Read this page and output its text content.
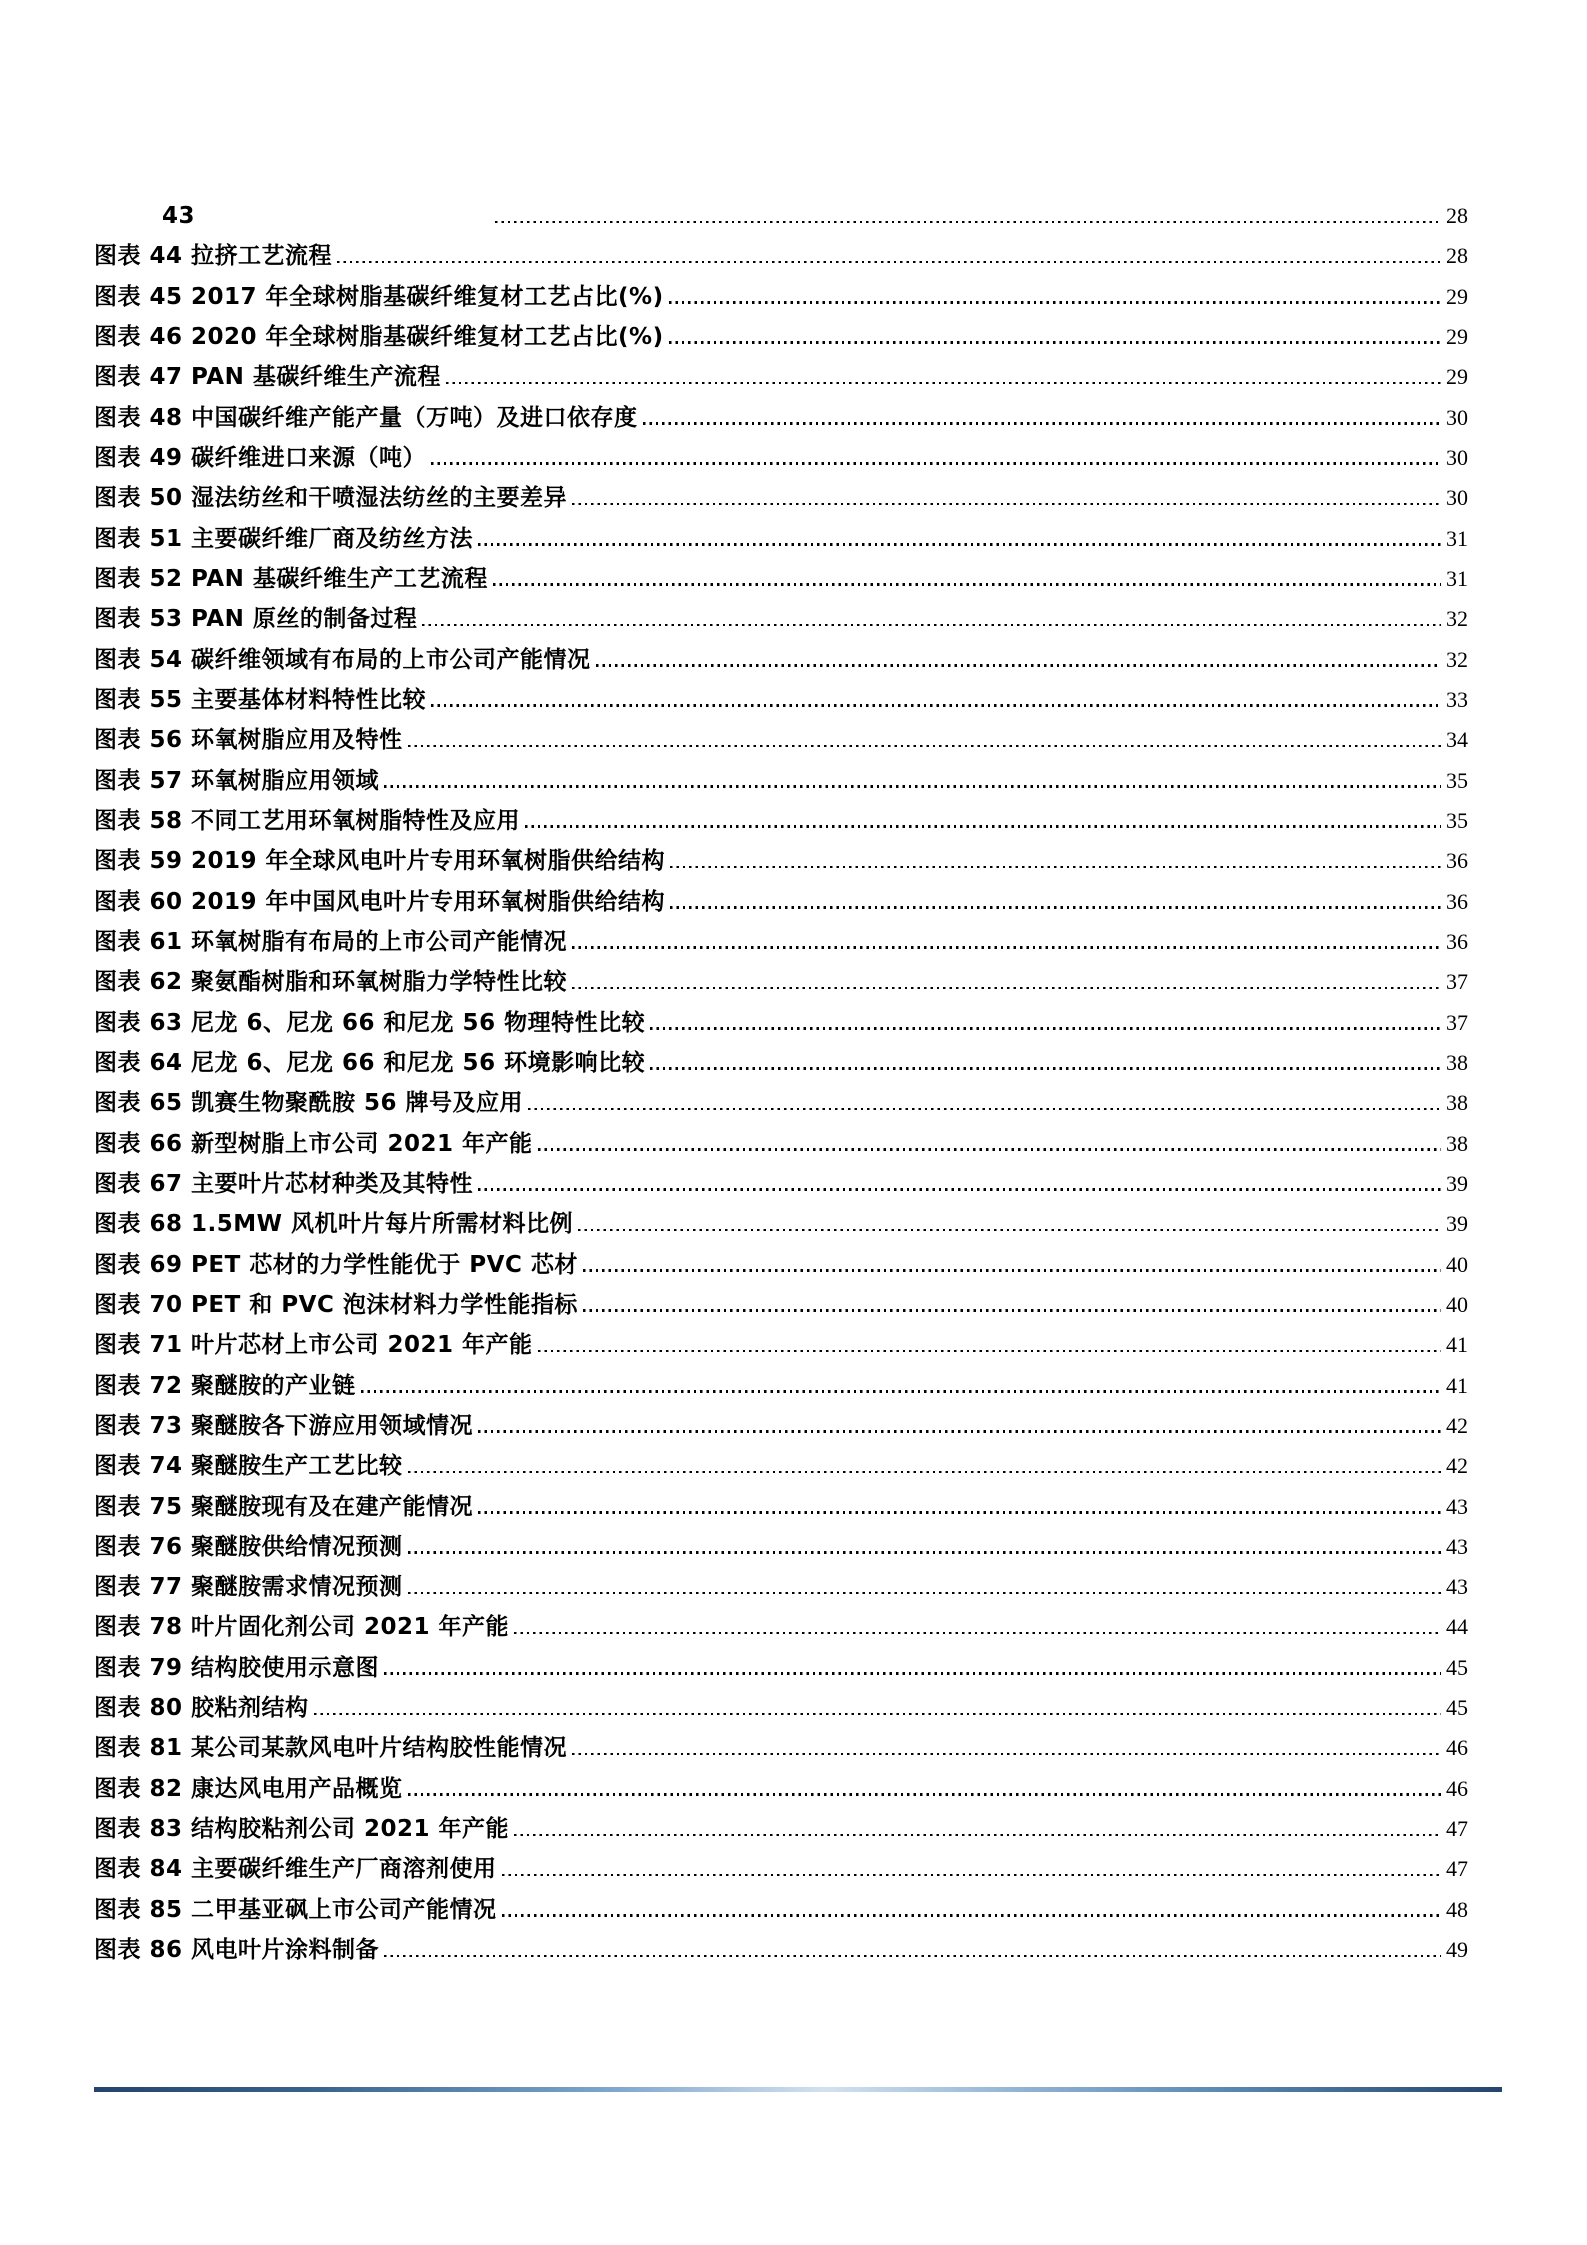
43	28
图表 44 拉挤工艺流程	28
图表 45 2017 年全球树脂基碳纤维复材工艺占比(%)	29
图表 46 2020 年全球树脂基碳纤维复材工艺占比(%)	29
图表 47 PAN 基碳纤维生产流程	29
图表 48 中国碳纤维产能产量（万吨）及进口依存度	30
图表 49 碳纤维进口来源（吨）	30
图表 50 湿法纺丝和干喷湿法纺丝的主要差异	30
图表 51 主要碳纤维厂商及纺丝方法	31
图表 52 PAN 基碳纤维生产工艺流程	31
图表 53 PAN 原丝的制备过程	32
图表 54 碳纤维领域有布局的上市公司产能情况	32
图表 55 主要基体材料特性比较	33
图表 56 环氧树脂应用及特性	34
图表 57 环氧树脂应用领域	35
图表 58 不同工艺用环氧树脂特性及应用	35
图表 59 2019 年全球风电叶片专用环氧树脂供给结构	36
图表 60 2019 年中国风电叶片专用环氧树脂供给结构	36
图表 61 环氧树脂有布局的上市公司产能情况	36
图表 62 聚氨酯树脂和环氧树脂力学特性比较	37
图表 63 尼龙 6、尼龙 66 和尼龙 56 物理特性比较	37
图表 64 尼龙 6、尼龙 66 和尼龙 56 环境影响比较	38
图表 65 凯赛生物聚酰胺 56 牌号及应用	38
图表 66 新型树脂上市公司 2021 年产能	38
图表 67 主要叶片芯材种类及其特性	39
图表 68 1.5MW 风机叶片每片所需材料比例	39
图表 69 PET 芯材的力学性能优于 PVC 芯材	40
图表 70 PET 和 PVC 泡沫材料力学性能指标	40
图表 71 叶片芯材上市公司 2021 年产能	41
图表 72 聚醚胺的产业链	41
图表 73 聚醚胺各下游应用领域情况	42
图表 74 聚醚胺生产工艺比较	42
图表 75 聚醚胺现有及在建产能情况	43
图表 76 聚醚胺供给情况预测	43
图表 77 聚醚胺需求情况预测	43
图表 78 叶片固化剂公司 2021 年产能	44
图表 79 结构胶使用示意图	45
图表 80 胶粘剂结构	45
图表 81 某公司某款风电叶片结构胶性能情况	46
图表 82 康达风电用产品概览	46
图表 83 结构胶粘剂公司 2021 年产能	47
图表 84 主要碳纤维生产厂商溶剂使用	47
图表 85 二甲基亚砜上市公司产能情况	48
图表 86 风电叶片涂料制备	49
